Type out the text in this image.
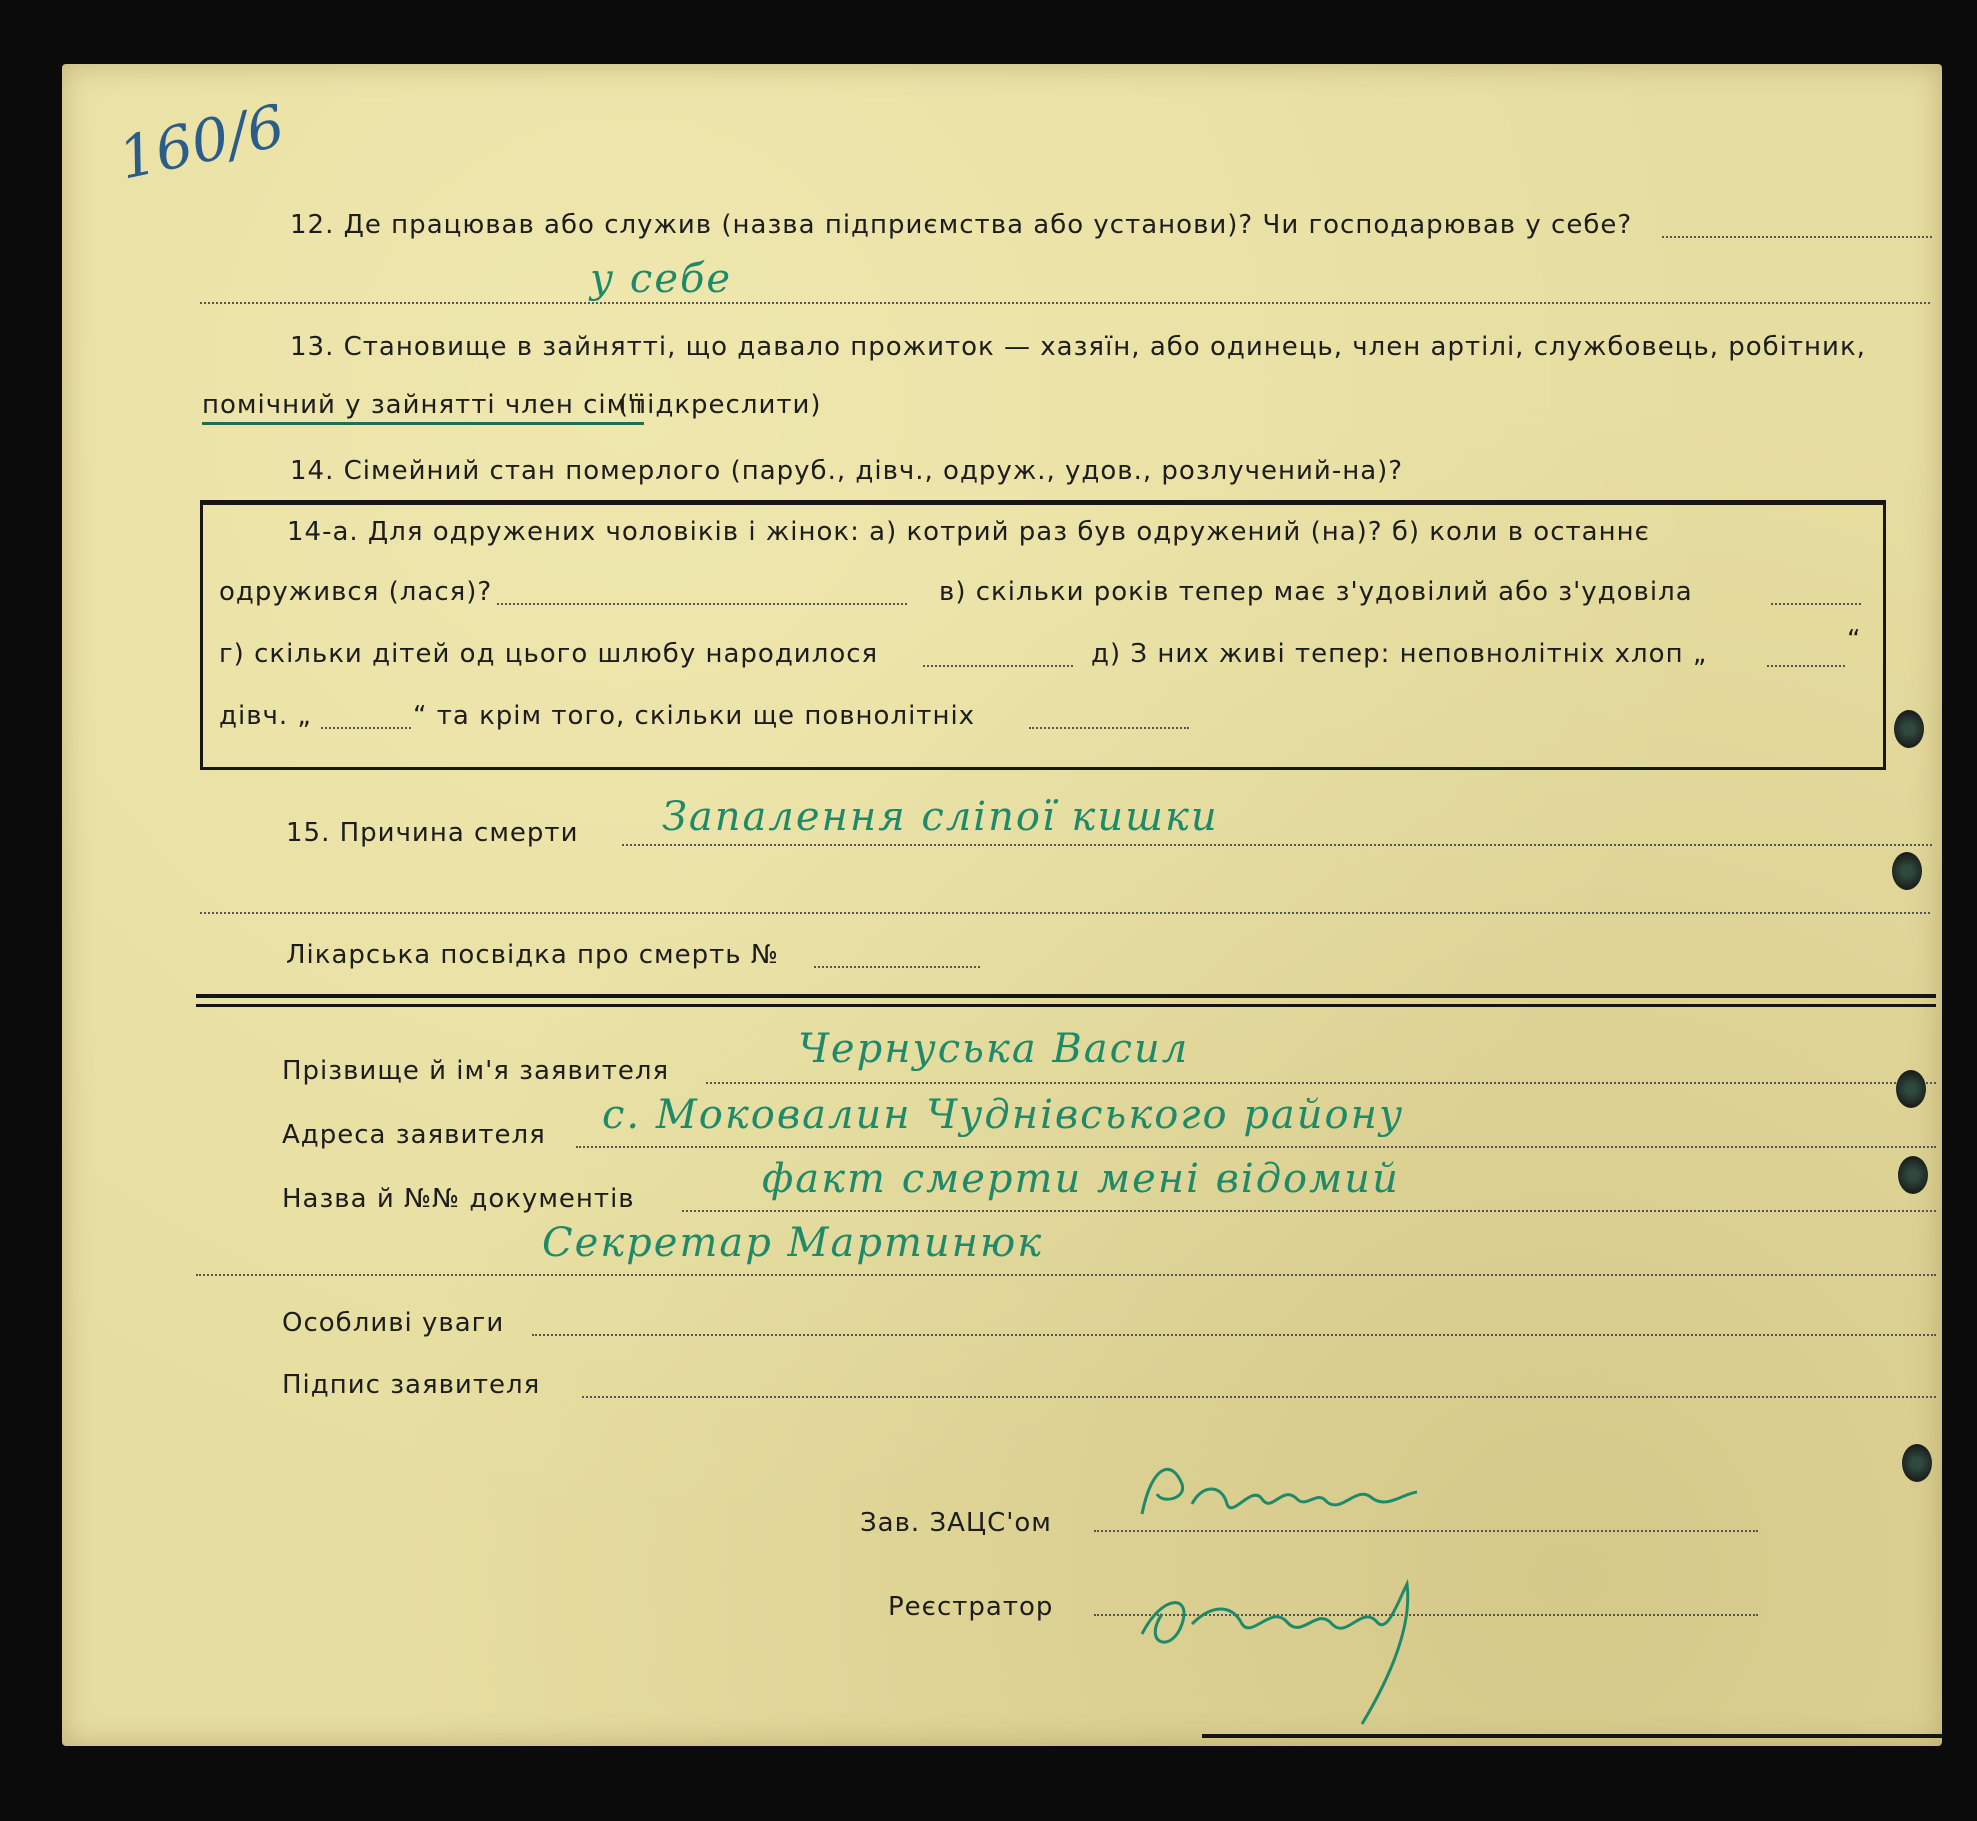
160/6
12. Де працював або служив (назва підприємства або установи)? Чи господарював у себе?
у себе
13. Становище в зайнятті, що давало прожиток — хазяїн, або одинець, член артілі, службовець, робітник,
помічний у зайнятті член сім'ї
(підкреслити)
14. Сімейний стан померлого (паруб., дівч., одруж., удов., розлучений-на)?
14-а. Для одружених чоловіків і жінок: а) котрий раз був одружений (на)? б) коли в останнє
одружився (лася)?	в) скільки років тепер має з'удовілий або з'удовіла
г) скільки дітей од цього шлюбу народилося	д) З них живі тепер: неповнолітніх хлоп „	“
дівч. „	“ та крім того, скільки ще повнолітніх
15. Причина смерти Запалення сліпої кишки
Лікарська посвідка про смерть №
Прізвище й ім'я заявителя	Чернуська Васил
Адреса заявителя с. Моковалин Чуднівського району
Назва й №№ документів	факт смерти мені відомий
Секретар Мартинюк
Особливі уваги
Підпис заявителя
Зав. ЗАЦС'ом
Реєстратор
